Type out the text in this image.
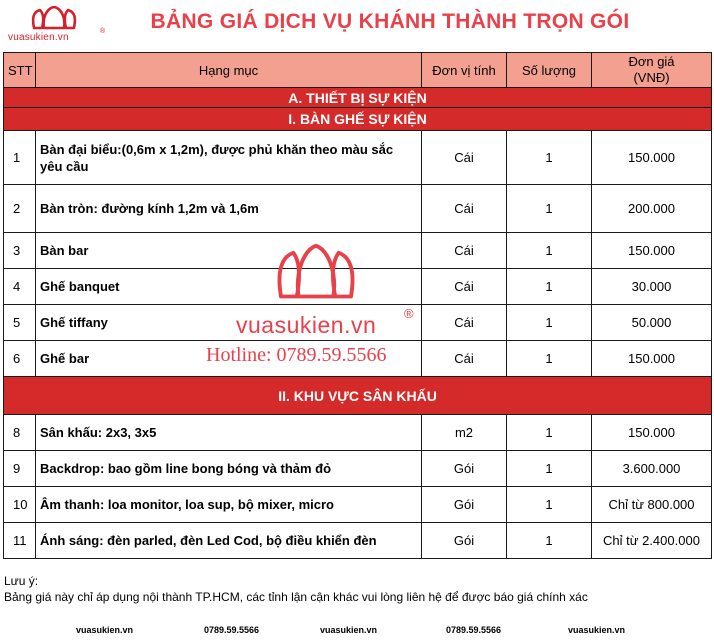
vuasukien.vn
®	BẢNG GIÁ DỊCH VỤ KHÁNH THÀNH TRỌN GÓI
STT	Hạng mục	Đơn vị tính	Số lượng	Đơn giá
(VNĐ)
A. THIẾT BỊ SỰ KIỆN				
I. BÀN GHẾ SỰ KIỆN				
1	Bàn đại biểu:(0,6m x 1,2m), được phủ khăn theo màu sắc yêu cầu	Cái	1	150.000
2	Bàn tròn: đường kính 1,2m và 1,6m	Cái	1	200.000
3	Bàn bar	Cái	1	150.000
4	Ghế banquet	Cái	1	30.000
5	Ghế tiffany	Cái	1	50.000
6	Ghế bar	Cái	1	150.000
II. KHU VỰC SÂN KHẤU				
8	Sân khấu: 2x3, 3x5	m2	1	150.000
9	Backdrop: bao gồm line bong bóng và thảm đỏ	Gói	1	3.600.000
10	Âm thanh: loa monitor, loa sup, bộ mixer, micro	Gói	1	Chỉ từ 800.000
11	Ánh sáng: đèn parled, đèn Led Cod, bộ điều khiển đèn	Gói	1	Chỉ từ 2.400.000
vuasukien.vn ®
Hotline: 0789.59.5566
Lưu ý:
Bảng giá này chỉ áp dụng nội thành TP.HCM, các tỉnh lận cận khác vui lòng liên hệ để được báo giá chính xác
vuasukien.vn	0789.59.5566	vuasukien.vn	0789.59.5566	vuasukien.vn
